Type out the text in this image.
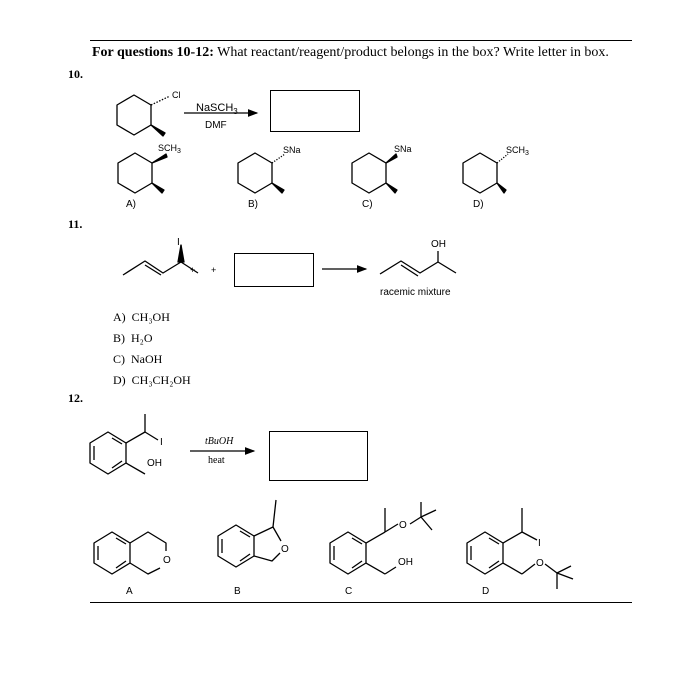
For questions 10-12: What reactant/reagent/product belongs in the box? Write letter in box.
10.
11.
12.
A) CH₃OH
B) H₂O
C) NaOH
D) CH₃CH₂OH
Cl
+
NaSCH$_3$
DMF
$SCH_3$
A)
SNa
B)
SNa
C)
$SCH_3$
D)
I
+
OH
racemic mixture
I
OH
tBuOH
heat
O
A
O
B
O
OH
C
I
O
D
